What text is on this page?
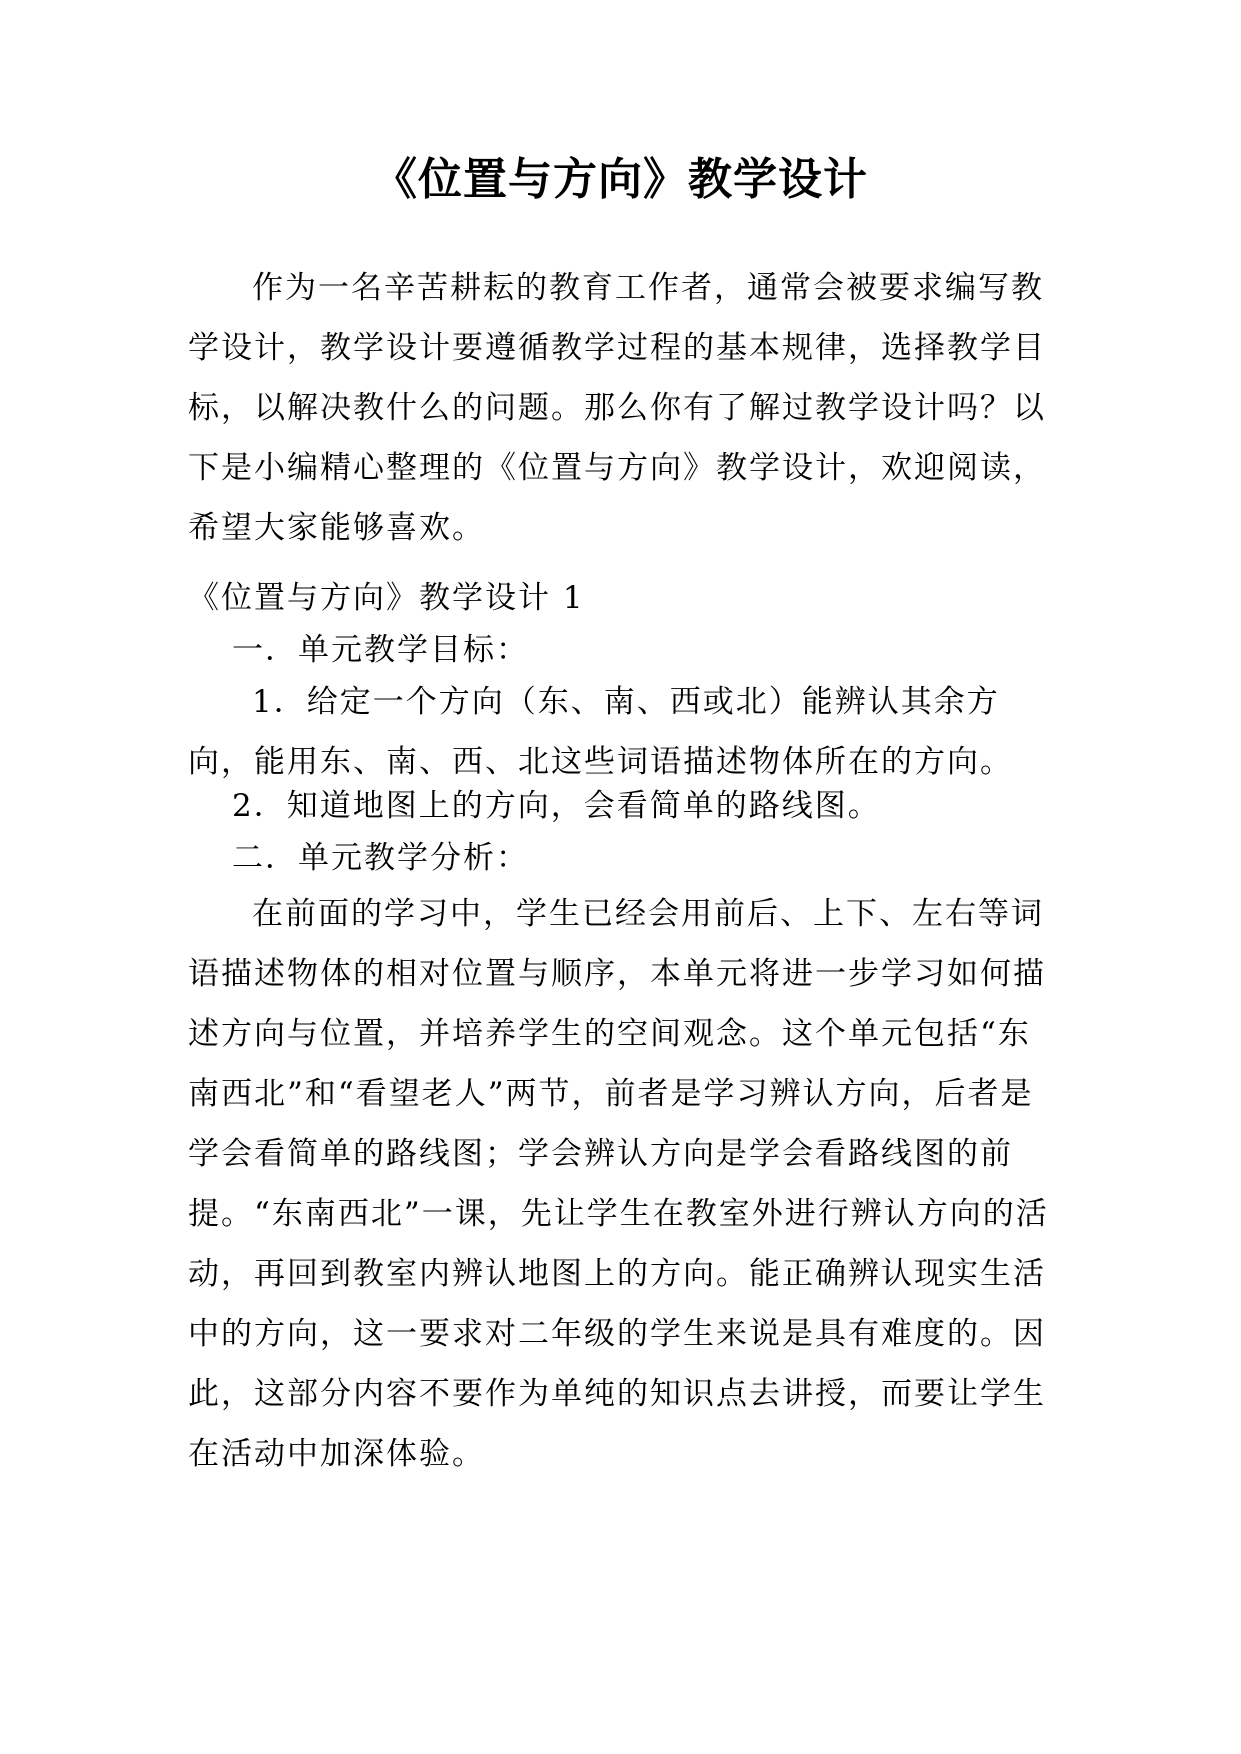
《位置与方向》教学设计

作为一名辛苦耕耘的教育工作者，通常会被要求编写教学设计，教学设计要遵循教学过程的基本规律，选择教学目标，以解决教什么的问题。那么你有了解过教学设计吗？以下是小编精心整理的《位置与方向》教学设计，欢迎阅读，希望大家能够喜欢。

《位置与方向》教学设计 1

一．单元教学目标：

1．给定一个方向（东、南、西或北）能辨认其余方向，能用东、南、西、北这些词语描述物体所在的方向。

2．知道地图上的方向，会看简单的路线图。

二．单元教学分析：

在前面的学习中，学生已经会用前后、上下、左右等词语描述物体的相对位置与顺序，本单元将进一步学习如何描述方向与位置，并培养学生的空间观念。这个单元包括“东南西北”和“看望老人”两节，前者是学习辨认方向，后者是学会看简单的路线图；学会辨认方向是学会看路线图的前提。“东南西北”一课，先让学生在教室外进行辨认方向的活动，再回到教室内辨认地图上的方向。能正确辨认现实生活中的方向，这一要求对二年级的学生来说是具有难度的。因此，这部分内容不要作为单纯的知识点去讲授，而要让学生在活动中加深体验。
